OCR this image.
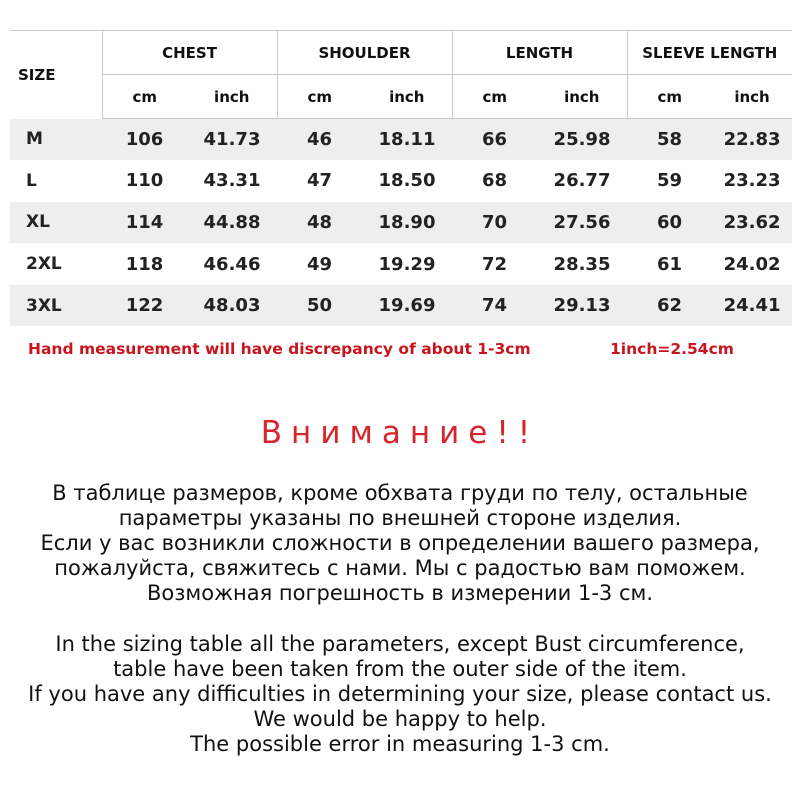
SIZE	CHEST		SHOULDER		LENGTH		SLEEVE LENGTH	
	cm	inch	cm	inch	cm	inch	cm	inch
M	106	41.73	46	18.11	66	25.98	58	22.83
L	110	43.31	47	18.50	68	26.77	59	23.23
XL	114	44.88	48	18.90	70	27.56	60	23.62
2XL	118	46.46	49	19.29	72	28.35	61	24.02
3XL	122	48.03	50	19.69	74	29.13	62	24.41
Hand measurement will have discrepancy of about 1-3cm	1inch=2.54cm
Внимание!!
В таблице размеров, кроме обхвата груди по телу, остальные
параметры указаны по внешней стороне изделия.
Если у вас возникли сложности в определении вашего размера,
пожалуйста, свяжитесь с нами. Мы с радостью вам поможем.
Возможная погрешность в измерении 1-3 см.
In the sizing table all the parameters, except Bust circumference,
table have been taken from the outer side of the item.
If you have any difficulties in determining your size, please contact us.
We would be happy to help.
The possible error in measuring 1-3 cm.
